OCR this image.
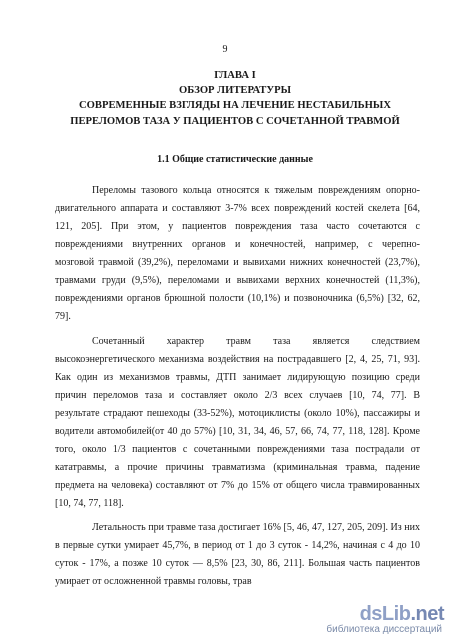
9
ГЛАВА I
ОБЗОР ЛИТЕРАТУРЫ
СОВРЕМЕННЫЕ ВЗГЛЯДЫ НА ЛЕЧЕНИЕ НЕСТАБИЛЬНЫХ
ПЕРЕЛОМОВ ТАЗА У ПАЦИЕНТОВ С СОЧЕТАННОЙ ТРАВМОЙ
1.1 Общие статистические данные
Переломы тазового кольца относятся к тяжелым повреждениям опорно-
двигательного аппарата и составляют 3-7% всех повреждений костей скелета [64,
121, 205]. При этом, у пациентов повреждения таза часто сочетаются с
повреждениями внутренних органов и конечностей, например, с черепно-
мозговой травмой (39,2%), переломами и вывихами нижних конечностей (23,7%),
травмами груди (9,5%), переломами и вывихами верхних конечностей (11,3%),
повреждениями органов брюшной полости (10,1%) и позвоночника (6,5%) [32, 62,
79].
Сочетанный характер травм таза является следствием
высокоэнергетического механизма воздействия на пострадавшего [2, 4, 25, 71, 93].
Как один из механизмов травмы, ДТП занимает лидирующую позицию среди
причин переломов таза и составляет около 2/3 всех случаев [10, 74, 77]. В
результате страдают пешеходы (33-52%), мотоциклисты (около 10%), пассажиры и
водители автомобилей(от 40 до 57%) [10, 31, 34, 46, 57, 66, 74, 77, 118, 128]. Кроме
того, около 1/3 пациентов с сочетанными повреждениями таза пострадали от
кататравмы, а прочие причины травматизма (криминальная травма, падение
предмета на человека) составляют от 7% до 15% от общего числа травмированных
[10, 74, 77, 118].
Летальность при травме таза достигает 16% [5, 46, 47, 127, 205, 209]. Из них
в первые сутки умирает 45,7%, в период от 1 до 3 суток - 14,2%, начиная с 4 до 10
суток - 17%, а позже 10 суток — 8,5% [23, 30, 86, 211]. Большая часть пациентов
умирает от осложненной травмы головы, трав
dsLib.net
библиотека диссертаций
